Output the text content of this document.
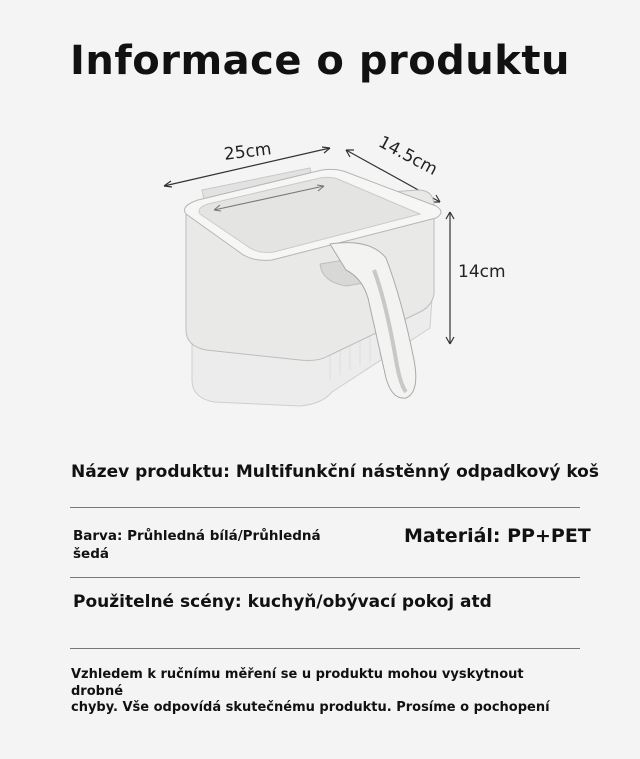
Informace o produktu
25cm	14.5cm
14cm
Název produktu: Multifunkční nástěnný odpadkový koš
Barva: Průhledná bílá/Průhledná šedá
Materiál: PP+PET
Použitelné scény: kuchyň/obývací pokoj atd
Vzhledem k ručnímu měření se u produktu mohou vyskytnout drobné
chyby. Vše odpovídá skutečnému produktu. Prosíme o pochopení
